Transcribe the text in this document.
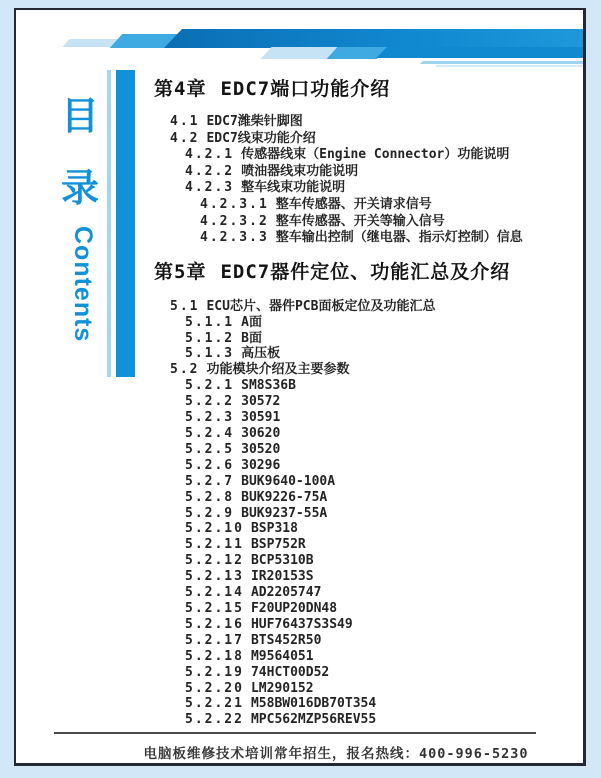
目
录
Contents
第4章 EDC7端口功能介绍
4.1 EDC7潍柴针脚图
4.2 EDC7线束功能介绍
4.2.1 传感器线束（Engine Connector）功能说明
4.2.2 喷油器线束功能说明
4.2.3 整车线束功能说明
4.2.3.1 整车传感器、开关请求信号
4.2.3.2 整车传感器、开关等输入信号
4.2.3.3 整车输出控制（继电器、指示灯控制）信息
第5章 EDC7器件定位、功能汇总及介绍
5.1 ECU芯片、器件PCB面板定位及功能汇总
5.1.1 A面
5.1.2 B面
5.1.3 高压板
5.2 功能模块介绍及主要参数
5.2.1 SM8S36B
5.2.2 30572
5.2.3 30591
5.2.4 30620
5.2.5 30520
5.2.6 30296
5.2.7 BUK9640-100A
5.2.8 BUK9226-75A
5.2.9 BUK9237-55A
5.2.10 BSP318
5.2.11 BSP752R
5.2.12 BCP5310B
5.2.13 IR20153S
5.2.14 AD2205747
5.2.15 F20UP20DN48
5.2.16 HUF76437S3S49
5.2.17 BTS452R50
5.2.18 M9564051
5.2.19 74HCT00D52
5.2.20 LM290152
5.2.21 M58BW016DB70T354
5.2.22 MPC562MZP56REV55
电脑板维修技术培训常年招生，报名热线：400-996-5230
